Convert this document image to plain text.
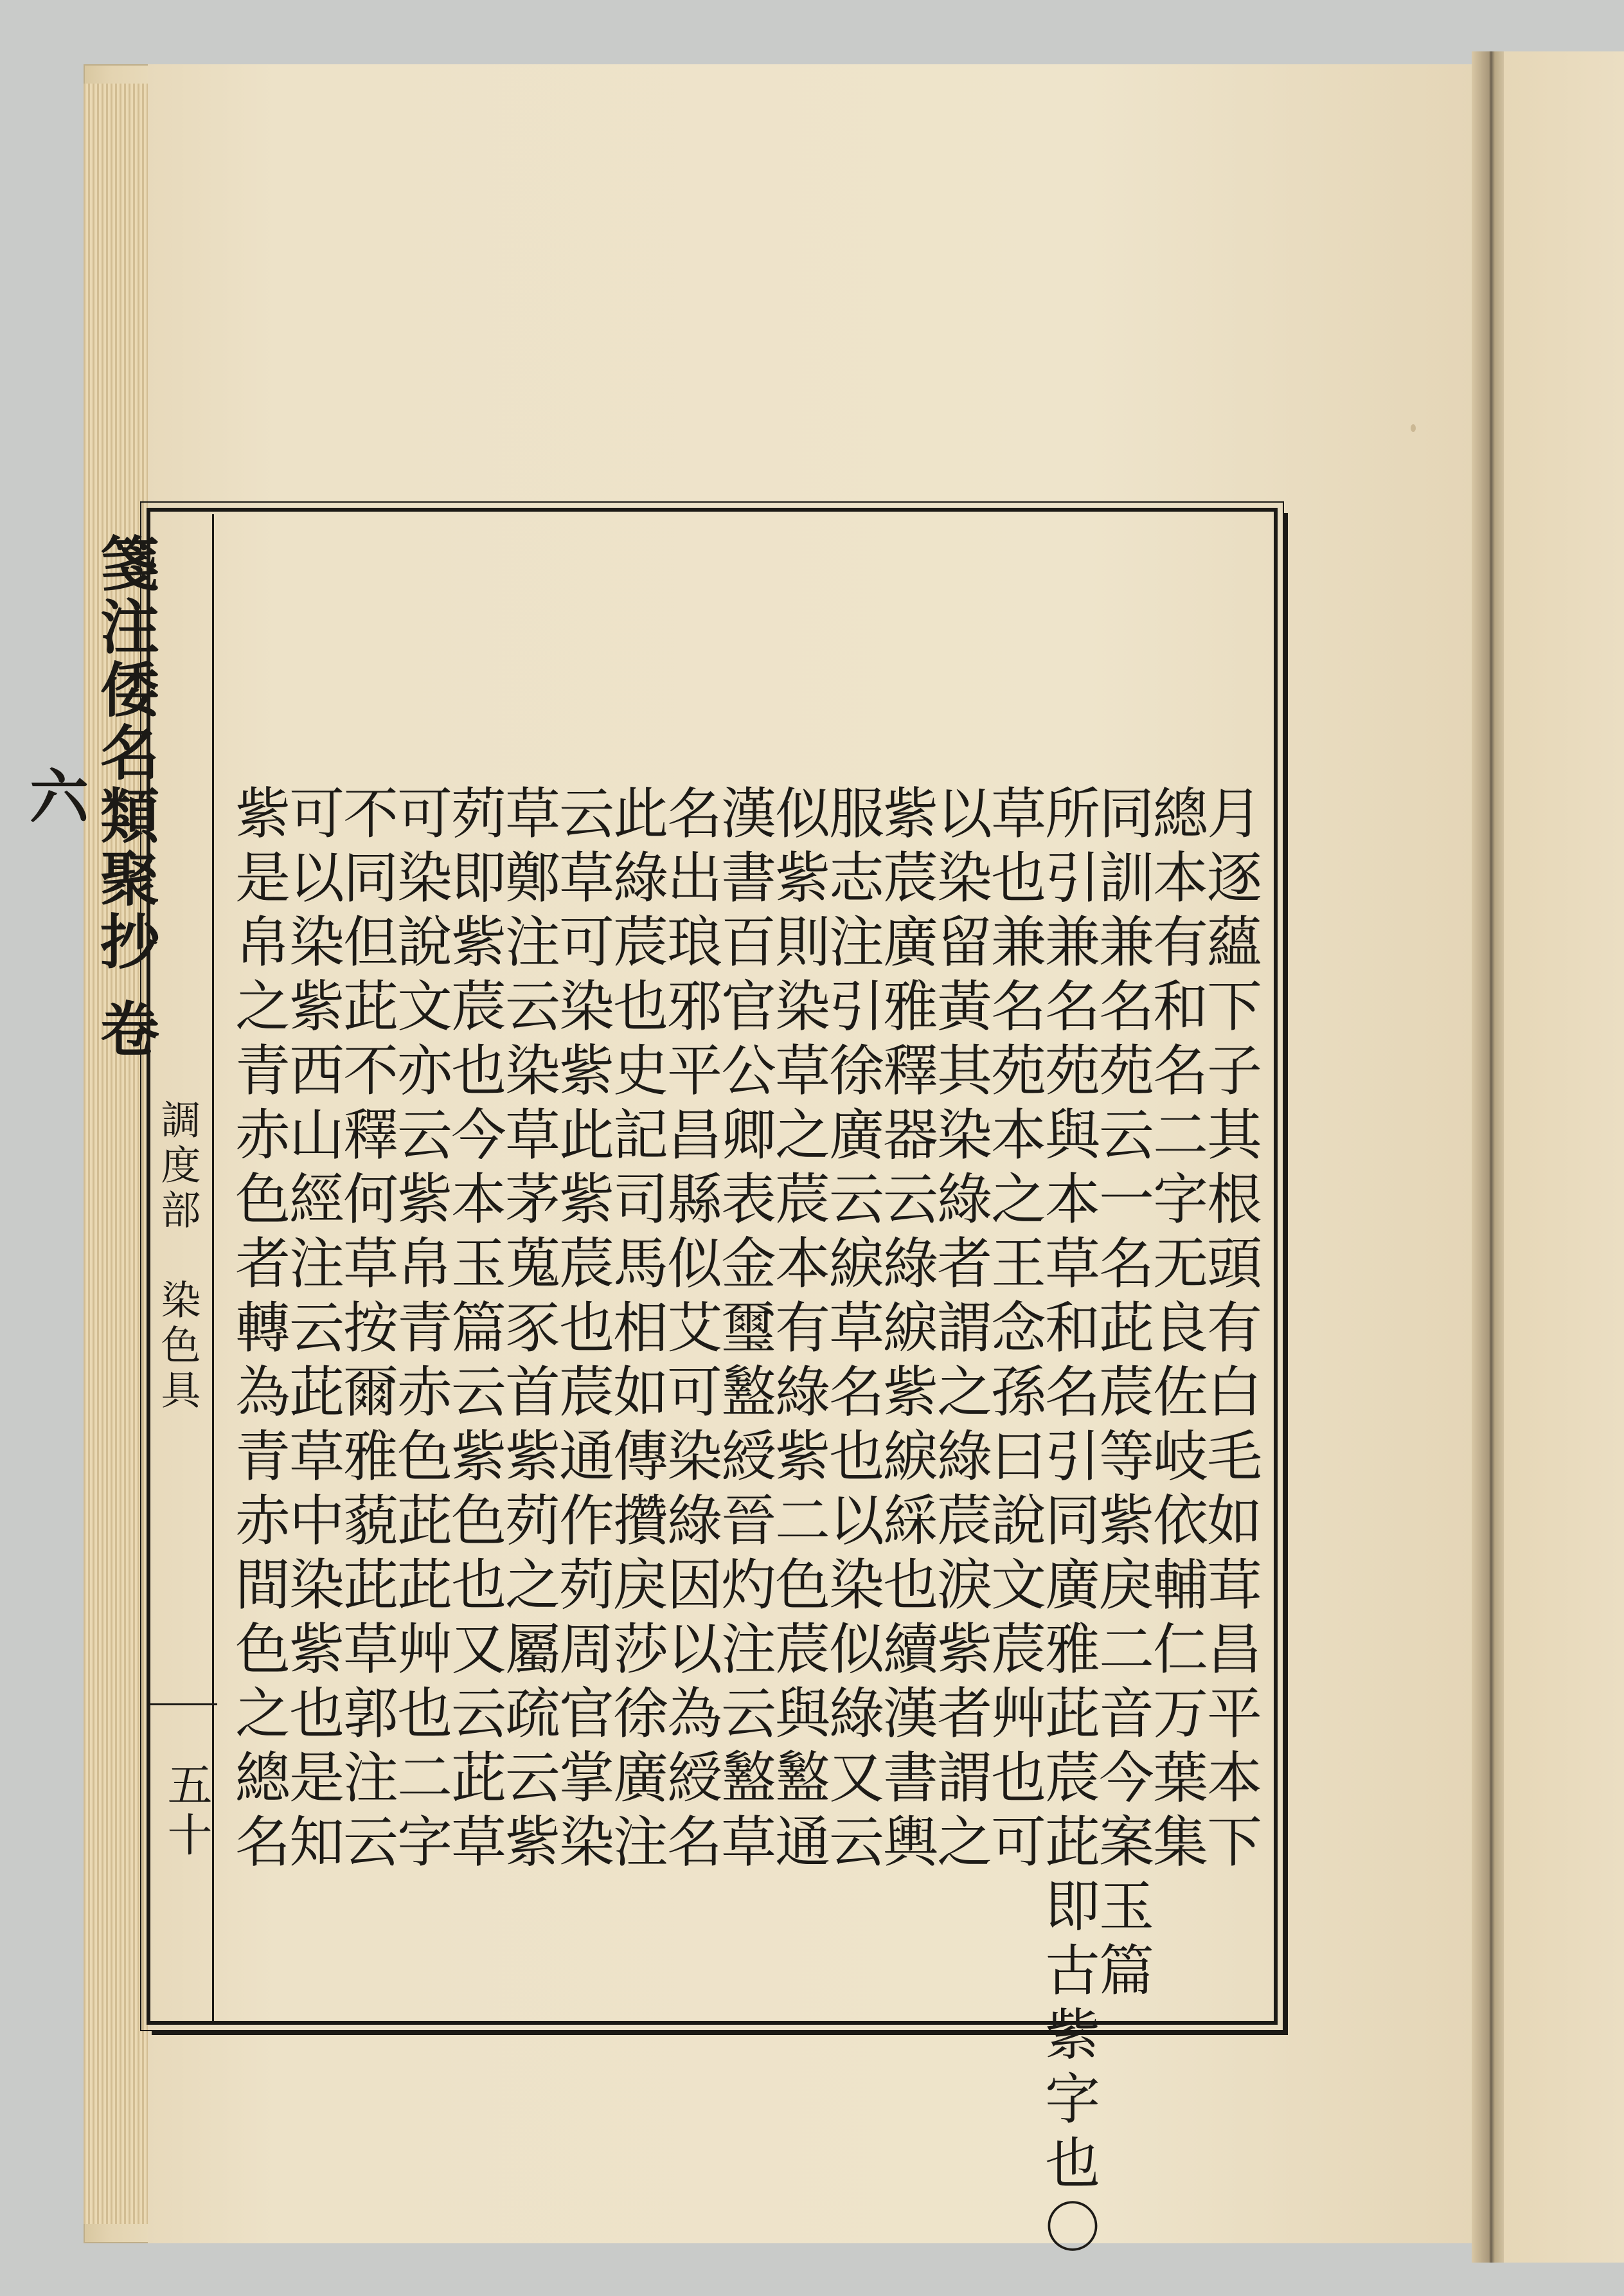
箋注倭名類聚抄 卷六
調度部　染色具
五十	月逐蘊下子其根頭有白毛如茸昌平本下
總本有和名二字无良佐岐依輔仁万葉集
同訓兼名苑云一名茈莀等紫戾二音今案玉篇
所引兼名苑與本草和名引同廣雅茈莀茈即古紫字也〇
草也兼名苑本之王念孫曰說文莀艸也可
以染留黃其染綠者謂之綠莀淚紫者謂之
紫莀廣雅釋器云綠綟紫綟綵也續漢書輿
服志注引徐廣云綟草名也以染似綠又云
似紫則染草之莀本有綠紫二色莀與盭通
漢書百官公卿表金璽盭綬晉灼注云盭草
名出琅邪平昌縣似艾可染綠因以為綬名
此綠莀也史記司馬相如傳攢戾莎徐廣注
云草可染紫此紫莀也莀通作茢周官掌染
草鄭注云染草茅蒐豕首紫茢之屬疏云紫
茢即紫莀也今本玉篇云紫色也又云茈草
可染說文亦云紫帛青赤色茈茈艸也二字
不同但茈不釋何草按爾雅藐茈草郭注云
可以染紫西山經注云茈草中染紫也是知
紫是帛之青赤色者轉為青赤間色之總名
